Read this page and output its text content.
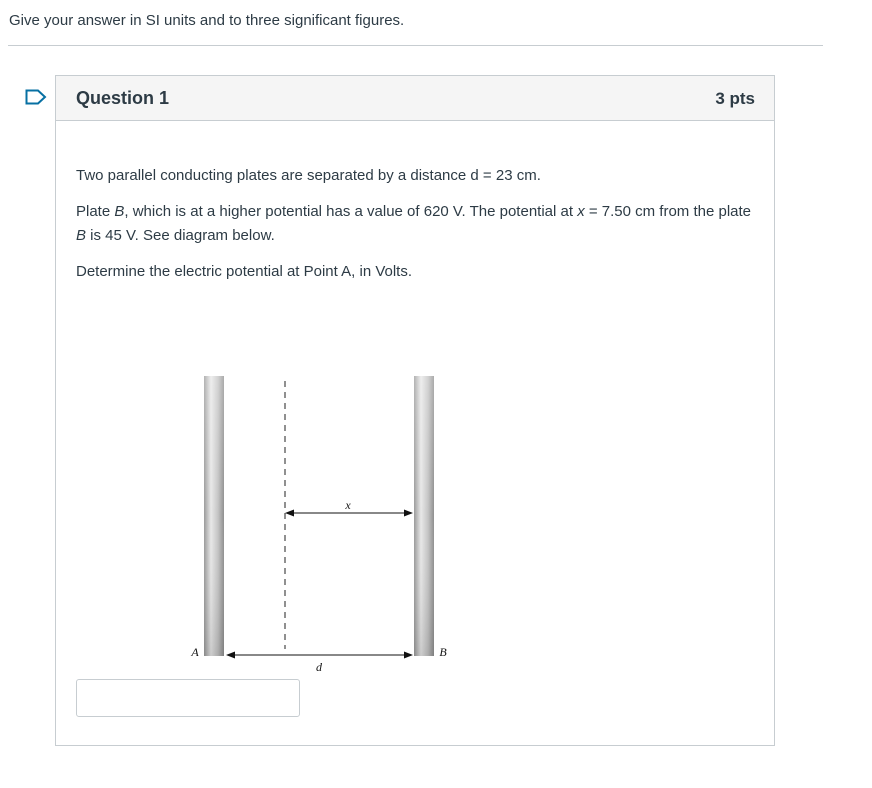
Give your answer in SI units and to three significant figures.
Question 1	3 pts

Two parallel conducting plates are separated by a distance d = 23 cm.

Plate B, which is at a higher potential has a value of 620 V. The potential at x = 7.50 cm from the plate B is 45 V. See diagram below.

Determine the electric potential at Point A, in Volts.

x
d
A	B
